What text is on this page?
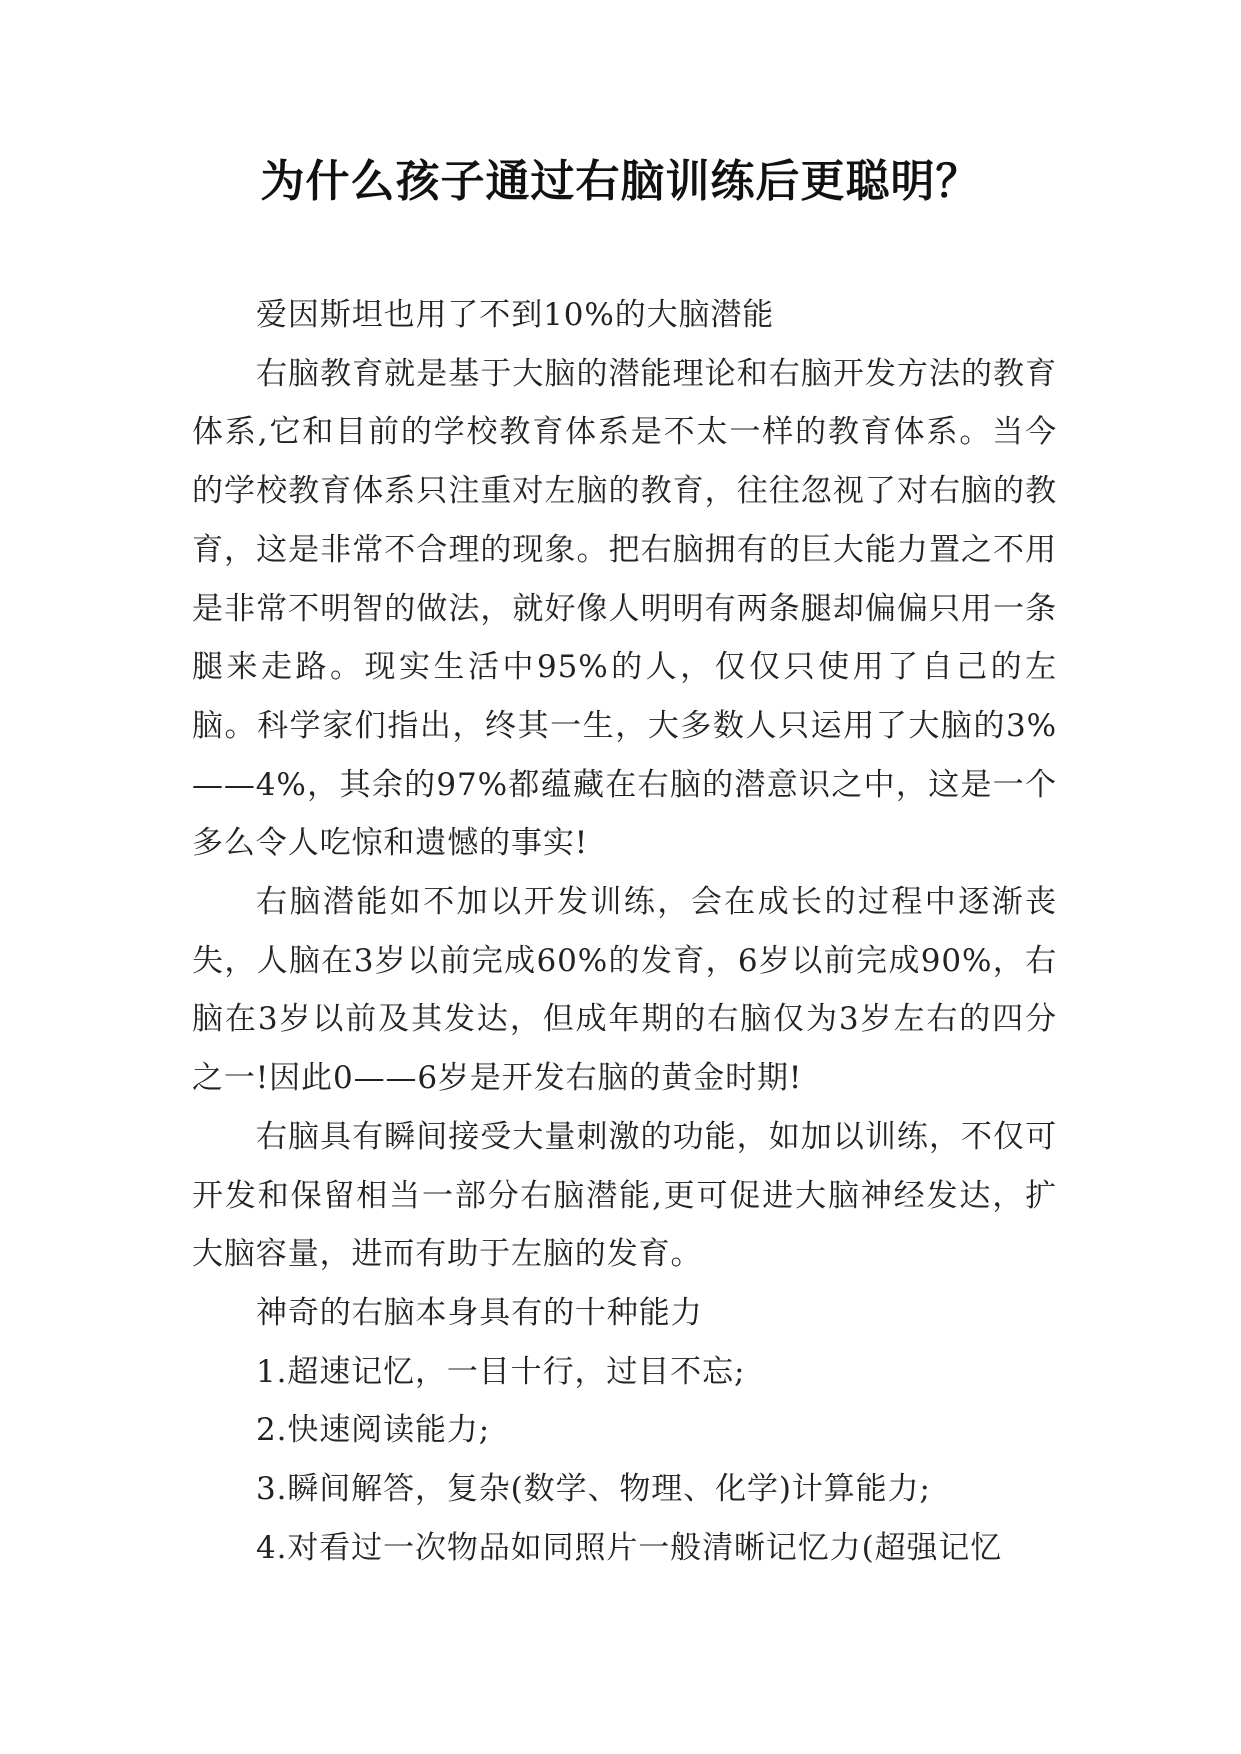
为什么孩子通过右脑训练后更聪明？

爱因斯坦也用了不到10%的大脑潜能

右脑教育就是基于大脑的潜能理论和右脑开发方法的教育体系,它和目前的学校教育体系是不太一样的教育体系。当今的学校教育体系只注重对左脑的教育，往往忽视了对右脑的教育，这是非常不合理的现象。把右脑拥有的巨大能力置之不用是非常不明智的做法，就好像人明明有两条腿却偏偏只用一条腿来走路。现实生活中95%的人，仅仅只使用了自己的左脑。科学家们指出，终其一生，大多数人只运用了大脑的3%——4%，其余的97%都蕴藏在右脑的潜意识之中，这是一个多么令人吃惊和遗憾的事实!

右脑潜能如不加以开发训练，会在成长的过程中逐渐丧失，人脑在3岁以前完成60%的发育，6岁以前完成90%，右脑在3岁以前及其发达，但成年期的右脑仅为3岁左右的四分之一!因此0——6岁是开发右脑的黄金时期!

右脑具有瞬间接受大量刺激的功能，如加以训练，不仅可开发和保留相当一部分右脑潜能,更可促进大脑神经发达，扩大脑容量，进而有助于左脑的发育。

神奇的右脑本身具有的十种能力

1.超速记忆，一目十行，过目不忘;

2.快速阅读能力;

3.瞬间解答，复杂(数学、物理、化学)计算能力;

4.对看过一次物品如同照片一般清晰记忆力(超强记忆
